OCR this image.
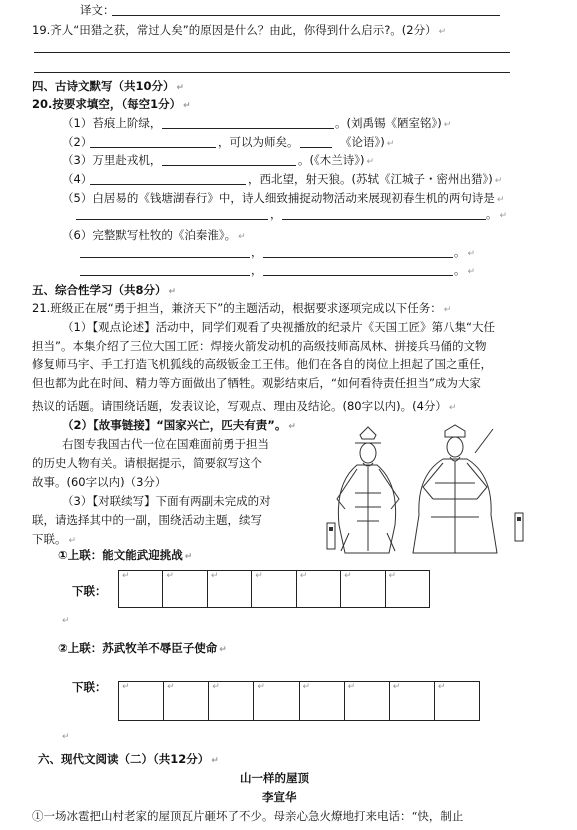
译文：
19.齐人“田猎之获，常过人矣”的原因是什么？由此，你得到什么启示?。(2分） ↵
四、古诗文默写（共10分） ↵
20.按要求填空，（每空1分） ↵
（1）苔痕上阶绿，	。(刘禹锡《陋室铭》) ↵
（2）	，可以为师矣。	《论语》) ↵
（3）万里赴戎机，	。(《木兰诗》) ↵
（4）	，西北望，射天狼。(苏轼《江城子・密州出猎》) ↵
（5）白居易的《钱塘湖春行》中，诗人细致捕捉动物活动来展现初春生机的两句诗是 ↵
，	。 ↵
（6）完整默写杜牧的《泊秦淮》。 ↵
，	。 ↵
，	。 ↵
五、综合性学习（共8分） ↵
21.班级正在展“勇于担当，兼济天下”的主题活动，根据要求逐项完成以下任务： ↵
（1）【观点论述】活动中，同学们观看了央视播放的纪录片《天国工匠》第八集“大任
担当”。本集介绍了三位大国工匠：焊接火箭发动机的高级技师高凤林、拼接兵马俑的文物
修复师马宇、手工打造飞机狐线的高级钣金工王伟。他们在各自的岗位上担起了国之重任，
但也都为此在时间、精力等方面做出了牺牲。观影结束后，“如何看待责任担当”成为大家
热议的话题。请围绕话题，发表议论，写观点、理由及结论。(80字以内)。(4分） ↵
（2）【故事链接】“国家兴亡，匹夫有责”。 ↵
右图专我国古代一位在国难面前勇于担当
的历史人物有关。请根据提示，简要叙写这个
故事。(60字以内)（3分）
（3）【对联续写】下面有两副未完成的对
联，请选择其中的一副，围绕活动主题，续写
下联。 ↵
①上联：能文能武迎挑战 ↵
下联：
↵
↵
↵
↵
↵
↵
↵
↵
②上联：苏武牧羊不辱臣子使命 ↵
下联：
↵
↵
↵
↵
↵
↵
↵
↵
↵
六、现代文阅读（二）（共12分） ↵
山一样的屋顶
李宣华
①一场冰雹把山村老家的屋顶瓦片砸坏了不少。母亲心急火燎地打来电话：“快，制止
